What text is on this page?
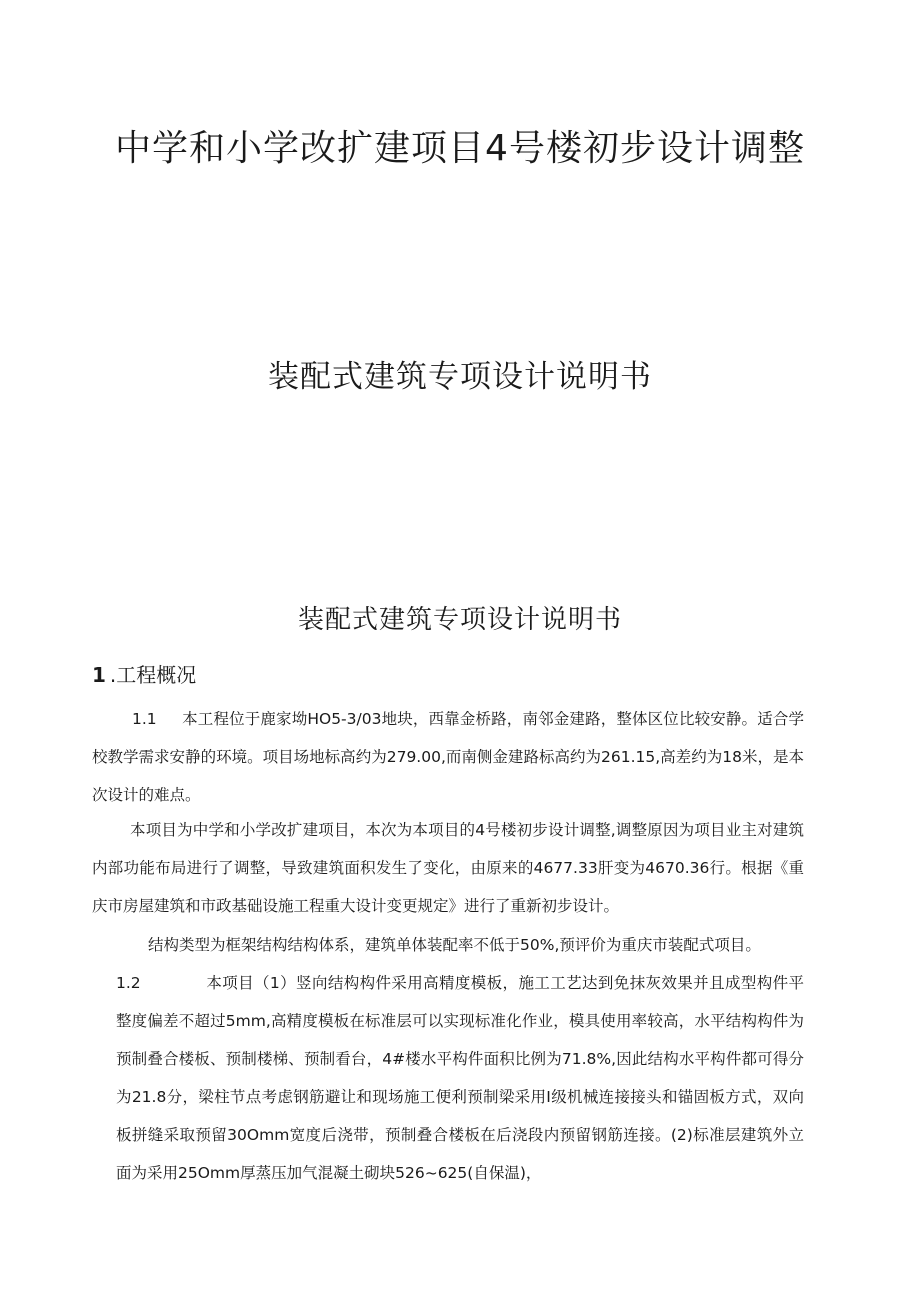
中学和小学改扩建项目4号楼初步设计调整
装配式建筑专项设计说明书
装配式建筑专项设计说明书
1 .工程概况

1.1 本工程位于鹿家坳HO5-3/03地块，西靠金桥路，南邻金建路，整体区位比较安静。适合学校教学需求安静的环境。项目场地标高约为279.00,而南侧金建路标高约为261.15,高差约为18米，是本次设计的难点。

本项目为中学和小学改扩建项目，本次为本项目的4号楼初步设计调整,调整原因为项目业主对建筑内部功能布局进行了调整，导致建筑面积发生了变化，由原来的4677.33肝变为4670.36行。根据《重庆市房屋建筑和市政基础设施工程重大设计变更规定》进行了重新初步设计。

结构类型为框架结构结构体系，建筑单体装配率不低于50%,预评价为重庆市装配式项目。

1.2	本项目（1）竖向结构构件采用高精度模板，施工工艺达到免抹灰效果并且成型构件平整度偏差不超过5mm,高精度模板在标准层可以实现标准化作业，模具使用率较高，水平结构构件为预制叠合楼板、预制楼梯、预制看台，4#楼水平构件面积比例为71.8%,因此结构水平构件都可得分为21.8分，梁柱节点考虑钢筋避让和现场施工便利预制梁采用I级机械连接接头和锚固板方式，双向板拼缝采取预留30Omm宽度后浇带，预制叠合楼板在后浇段内预留钢筋连接。(2)标准层建筑外立面为采用25Omm厚蒸压加气混凝土砌块526~625(自保温)，
